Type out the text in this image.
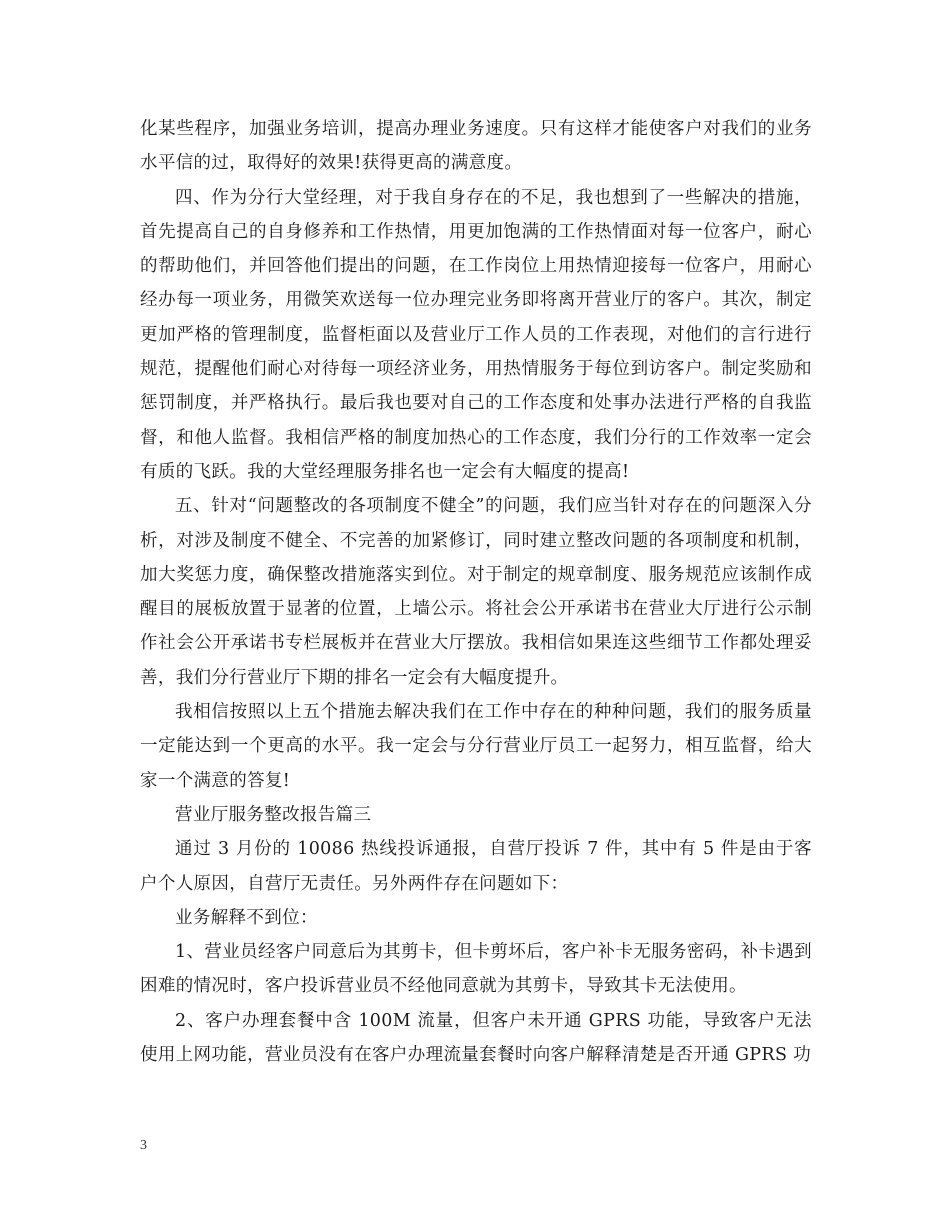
化某些程序，加强业务培训，提高办理业务速度。只有这样才能使客户对我们的业务水平信的过，取得好的效果!获得更高的满意度。

四、作为分行大堂经理，对于我自身存在的不足，我也想到了一些解决的措施，首先提高自己的自身修养和工作热情，用更加饱满的工作热情面对每一位客户，耐心的帮助他们，并回答他们提出的问题，在工作岗位上用热情迎接每一位客户，用耐心经办每一项业务，用微笑欢送每一位办理完业务即将离开营业厅的客户。其次，制定更加严格的管理制度，监督柜面以及营业厅工作人员的工作表现，对他们的言行进行规范，提醒他们耐心对待每一项经济业务，用热情服务于每位到访客户。制定奖励和惩罚制度，并严格执行。最后我也要对自己的工作态度和处事办法进行严格的自我监督，和他人监督。我相信严格的制度加热心的工作态度，我们分行的工作效率一定会有质的飞跃。我的大堂经理服务排名也一定会有大幅度的提高!

五、针对“问题整改的各项制度不健全”的问题，我们应当针对存在的问题深入分析，对涉及制度不健全、不完善的加紧修订，同时建立整改问题的各项制度和机制，加大奖惩力度，确保整改措施落实到位。对于制定的规章制度、服务规范应该制作成醒目的展板放置于显著的位置，上墙公示。将社会公开承诺书在营业大厅进行公示制作社会公开承诺书专栏展板并在营业大厅摆放。我相信如果连这些细节工作都处理妥善，我们分行营业厅下期的排名一定会有大幅度提升。

我相信按照以上五个措施去解决我们在工作中存在的种种问题，我们的服务质量一定能达到一个更高的水平。我一定会与分行营业厅员工一起努力，相互监督，给大家一个满意的答复!

营业厅服务整改报告篇三

通过 3 月份的 10086 热线投诉通报，自营厅投诉 7 件，其中有 5 件是由于客户个人原因，自营厅无责任。另外两件存在问题如下：

业务解释不到位：

1、营业员经客户同意后为其剪卡，但卡剪坏后，客户补卡无服务密码，补卡遇到困难的情况时，客户投诉营业员不经他同意就为其剪卡，导致其卡无法使用。

2、客户办理套餐中含 100M 流量，但客户未开通 GPRS 功能，导致客户无法使用上网功能，营业员没有在客户办理流量套餐时向客户解释清楚是否开通 GPRS 功

3
